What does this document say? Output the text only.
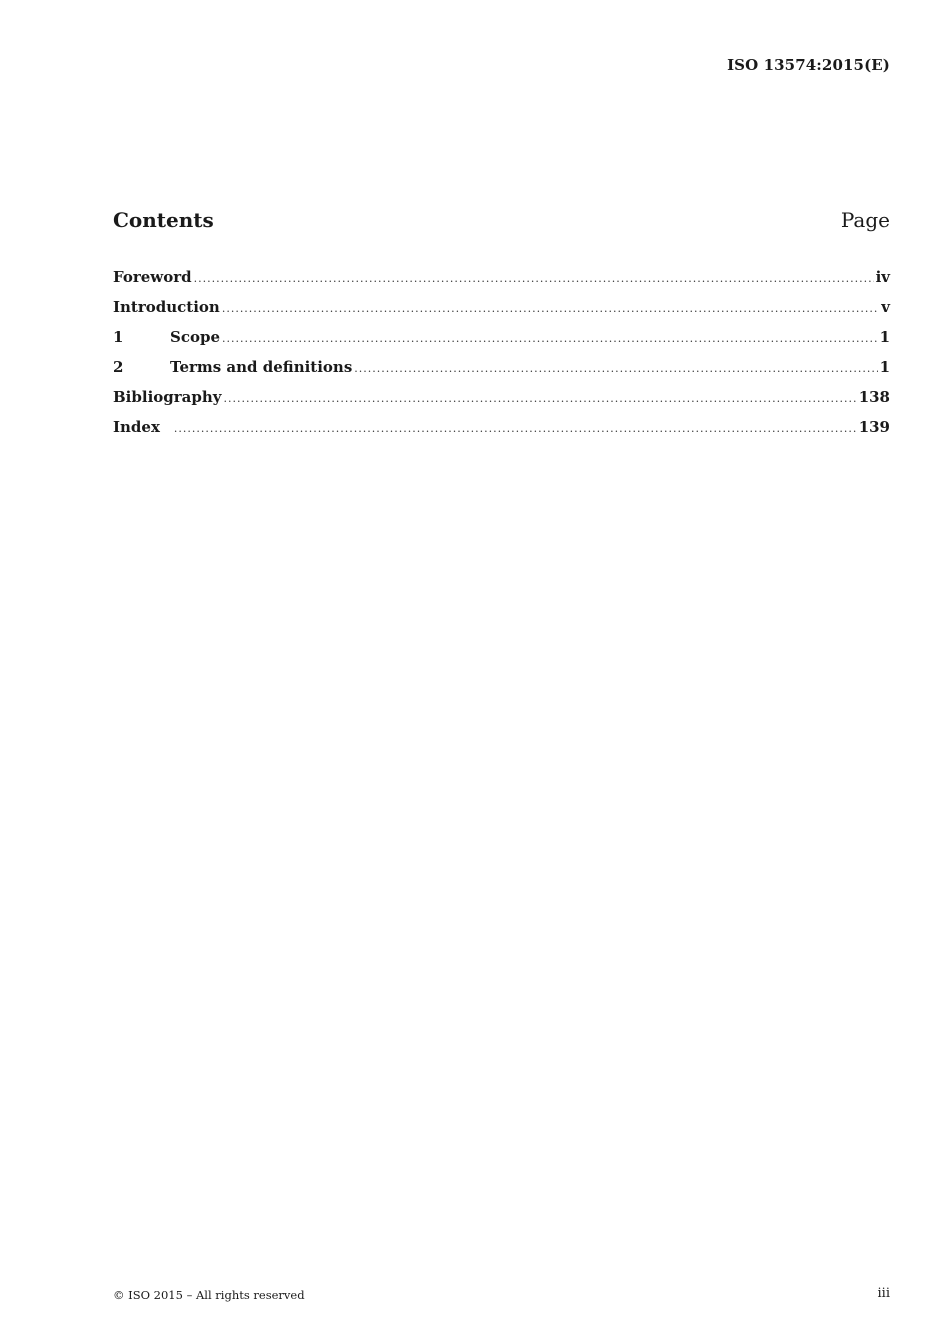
ISO 13574:2015(E)
Contents	Page
Foreword .....	iv
Introduction .....	v
1	Scope .....	1
2	Terms and definitions .....	1
Bibliography .....	138
Index .....	139
© ISO 2015 – All rights reserved	iii
